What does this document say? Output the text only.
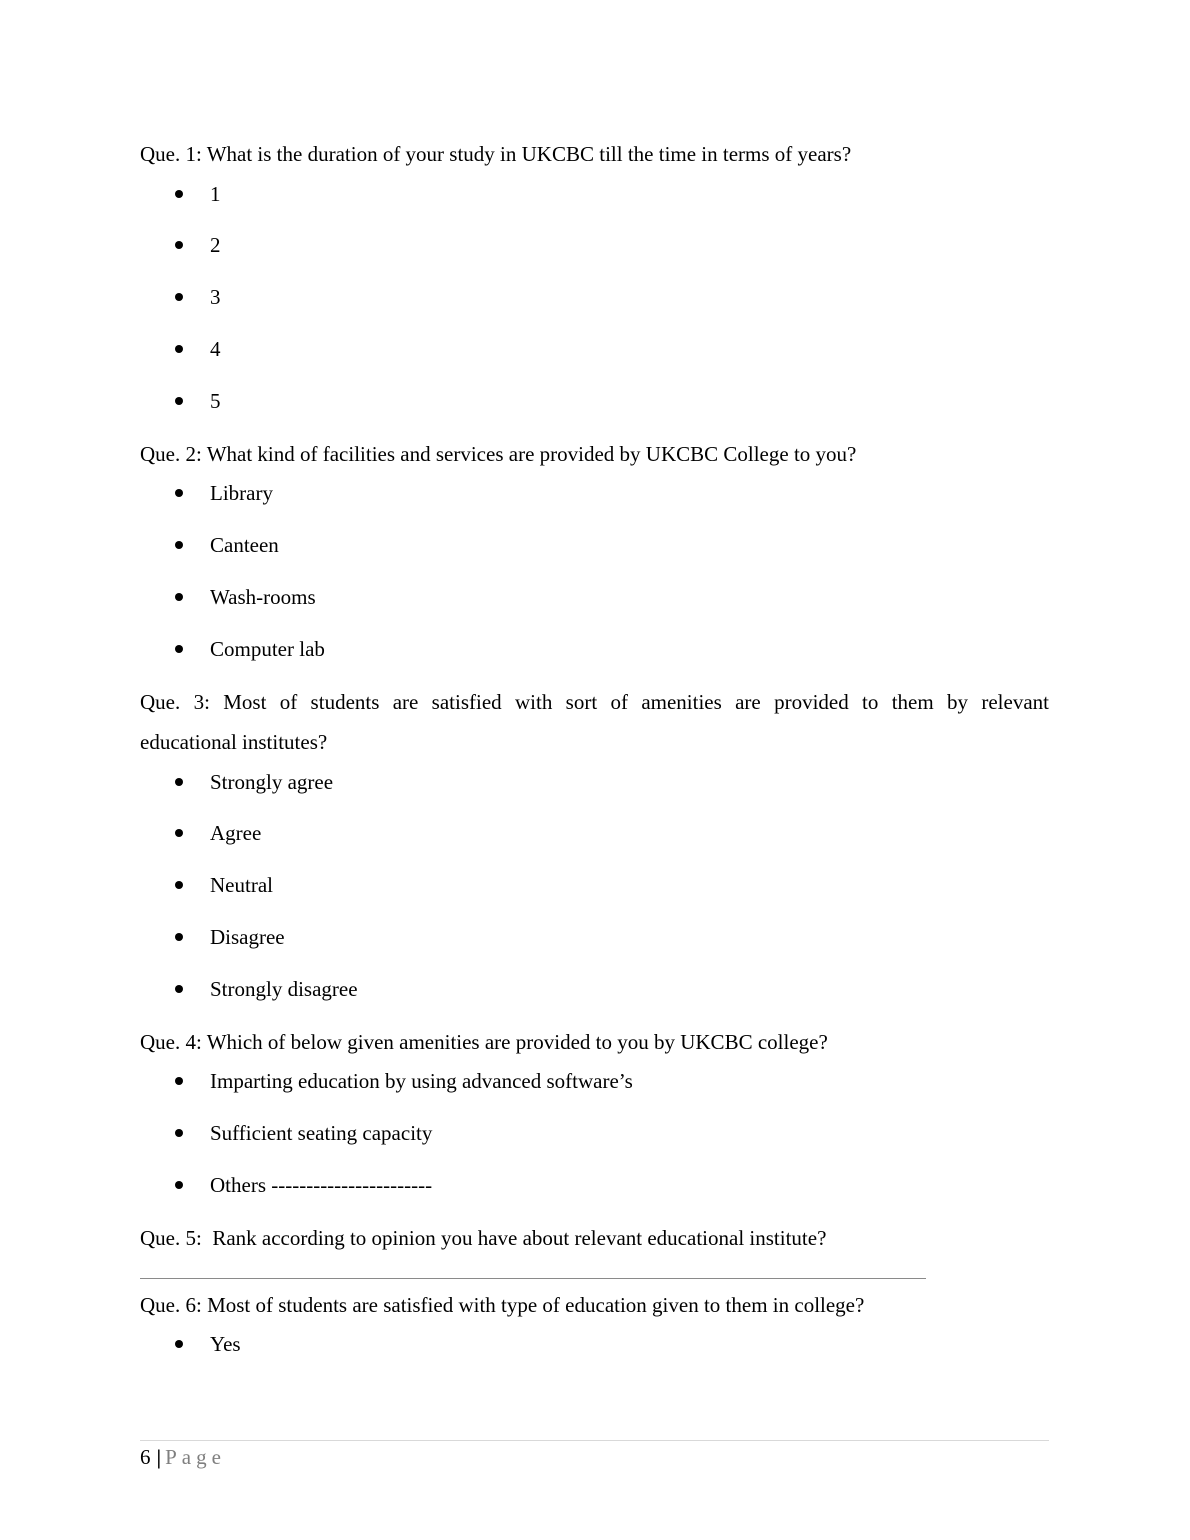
Que. 1: What is the duration of your study in UKCBC till the time in terms of years?

1
2
3
4
5

Que. 2: What kind of facilities and services are provided by UKCBC College to you?

Library
Canteen
Wash-rooms
Computer lab
Que. 3: Most of students are satisfied with sort of amenities are provided to them by relevant
educational institutes?
Strongly agree
Agree
Neutral
Disagree
Strongly disagree

Que. 4: Which of below given amenities are provided to you by UKCBC college?

Imparting education by using advanced software’s
Sufficient seating capacity
Others -----------------------

Que. 5:  Rank according to opinion you have about relevant educational institute?

Que. 6: Most of students are satisfied with type of education given to them in college?

Yes
6 | Page
